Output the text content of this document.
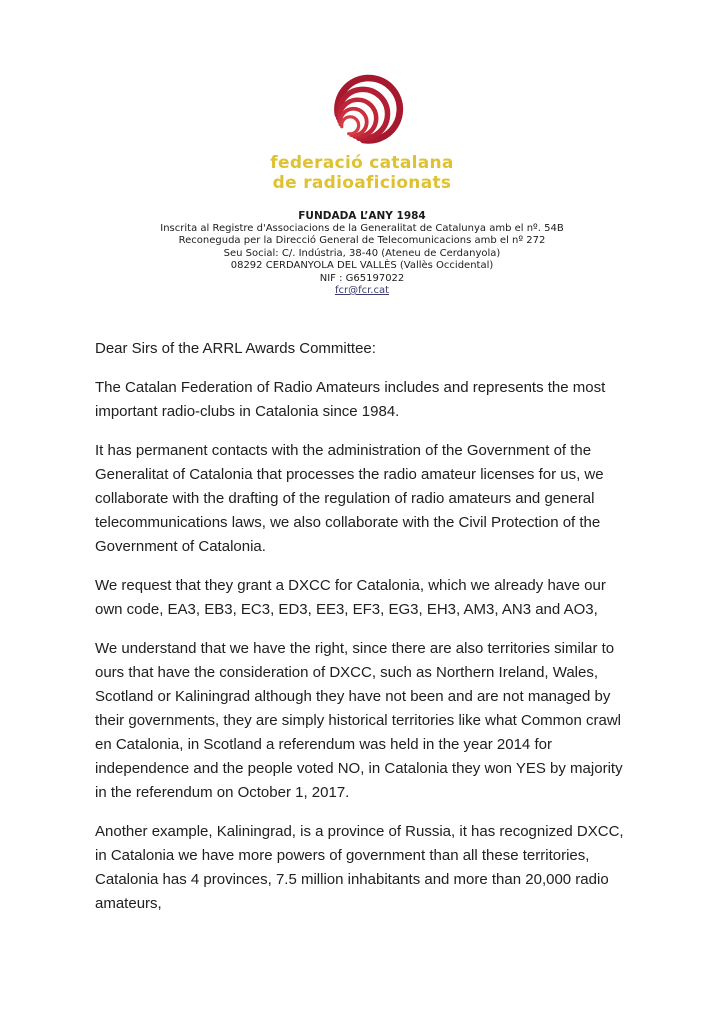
federació catalana
de radioaficionats
FUNDADA L’ANY 1984
Inscrita al Registre d'Associacions de la Generalitat de Catalunya amb el nº. 54B
Reconeguda per la Direcció General de Telecomunicacions amb el nº 272
Seu Social: C/. Indústria, 38-40 (Ateneu de Cerdanyola)
08292 CERDANYOLA DEL VALLÈS (Vallès Occidental)
NIF : G65197022
fcr@fcr.cat

Dear Sirs of the ARRL Awards Committee:

The Catalan Federation of Radio Amateurs includes and represents the most
important radio-clubs in Catalonia since 1984.

It has permanent contacts with the administration of the Government of the
Generalitat of Catalonia that processes the radio amateur licenses for us, we
collaborate with the drafting of the regulation of radio amateurs and general
telecommunications laws, we also collaborate with the Civil Protection of the
Government of Catalonia.

We request that they grant a DXCC for Catalonia, which we already have our
own code, EA3, EB3, EC3, ED3, EE3, EF3, EG3, EH3, AM3, AN3 and AO3,

We understand that we have the right, since there are also territories similar to
ours that have the consideration of DXCC, such as Northern Ireland, Wales,
Scotland or Kaliningrad although they have not been and are not managed by
their governments, they are simply historical territories like what Common crawl
en Catalonia, in Scotland a referendum was held in the year 2014 for
independence and the people voted NO, in Catalonia they won YES by majority
in the referendum on October 1, 2017.

Another example, Kaliningrad, is a province of Russia, it has recognized DXCC,
in Catalonia we have more powers of government than all these territories,
Catalonia has 4 provinces, 7.5 million inhabitants and more than 20,000 radio
amateurs,
